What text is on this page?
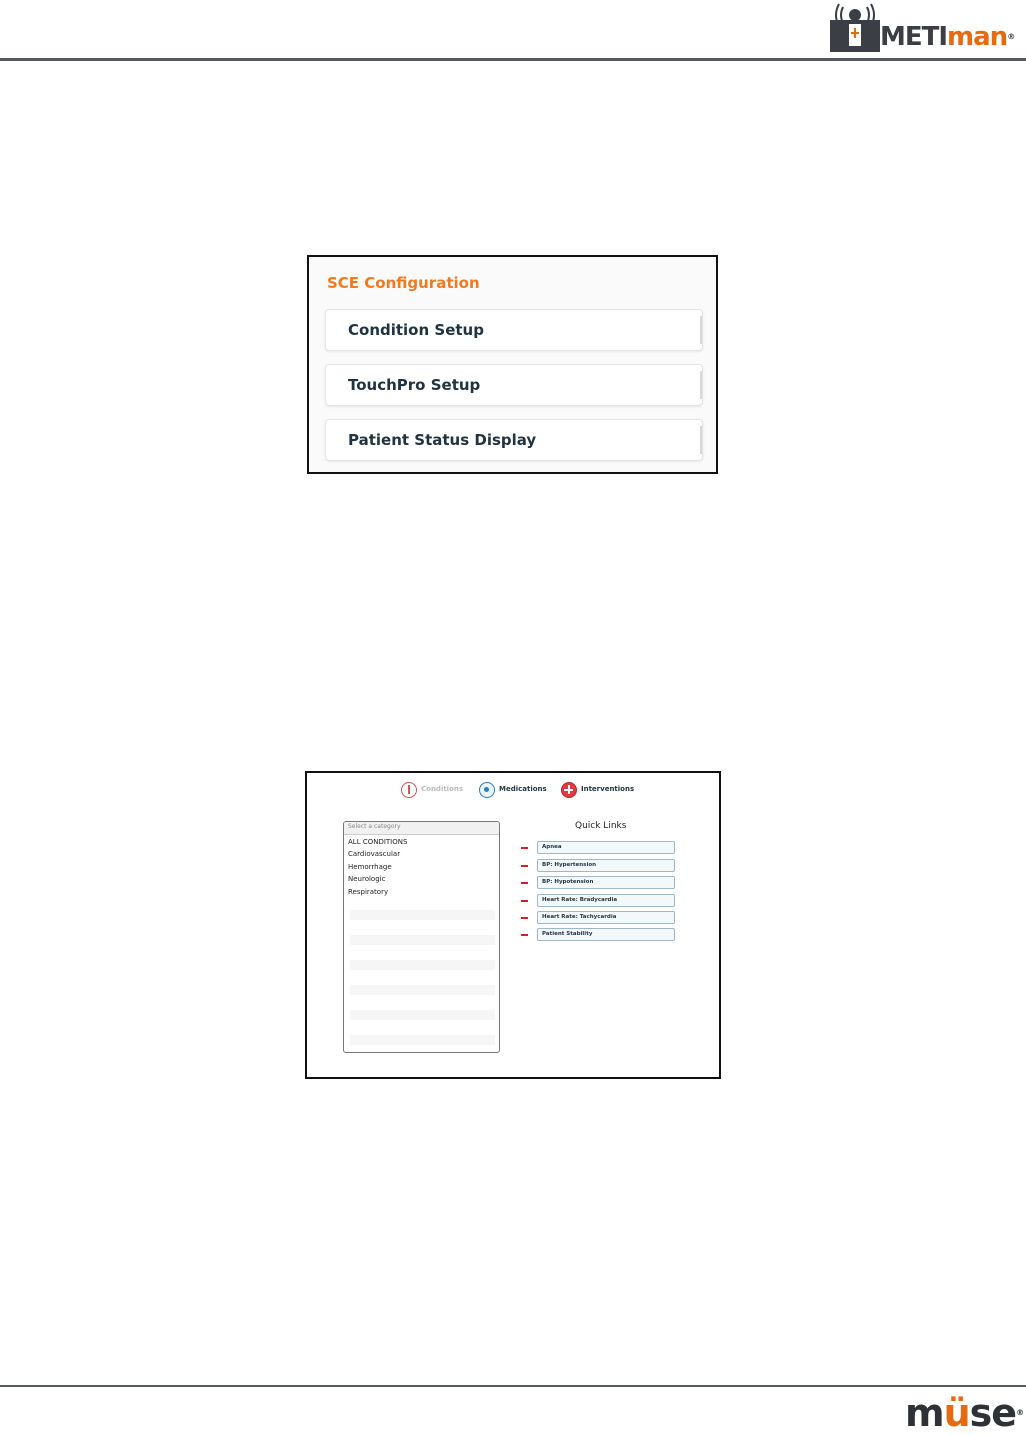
METIman®
SCE Configuration
Condition Setup
TouchPro Setup
Patient Status Display
Conditions	Medications	Interventions
Select a category
ALL CONDITIONS
Cardiovascular
Hemorrhage
Neurologic
Respiratory
Quick Links
Apnea
BP: Hypertension
BP: Hypotension
Heart Rate: Bradycardia
Heart Rate: Tachycardia
Patient Stability
müse®
